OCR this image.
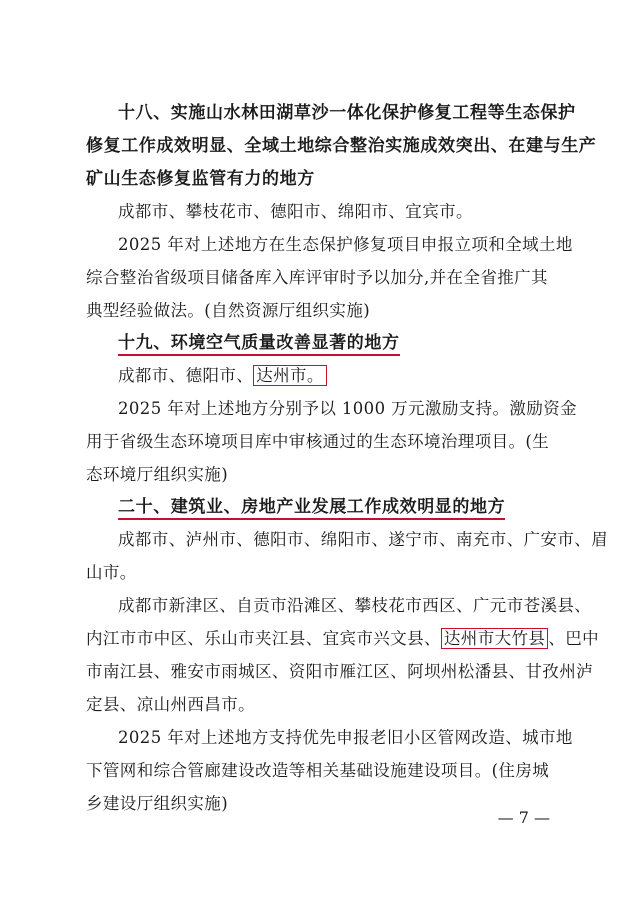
十八、实施山水林田湖草沙一体化保护修复工程等生态保护
修复工作成效明显、全域土地综合整治实施成效突出、在建与生产
矿山生态修复监管有力的地方
成都市、攀枝花市、德阳市、绵阳市、宜宾市。
2025 年对上述地方在生态保护修复项目申报立项和全域土地
综合整治省级项目储备库入库评审时予以加分,并在全省推广其
典型经验做法。(自然资源厅组织实施)
十九、环境空气质量改善显著的地方
成都市、德阳市、 达州市。
2025 年对上述地方分别予以 1000 万元激励支持。激励资金
用于省级生态环境项目库中审核通过的生态环境治理项目。(生
态环境厅组织实施)
二十、建筑业、房地产业发展工作成效明显的地方
成都市、泸州市、德阳市、绵阳市、遂宁市、南充市、广安市、眉
山市。
成都市新津区、自贡市沿滩区、攀枝花市西区、广元市苍溪县、
内江市市中区、乐山市夹江县、宜宾市兴文县、 达州市大竹县 、巴中
市南江县、雅安市雨城区、资阳市雁江区、阿坝州松潘县、甘孜州泸
定县、凉山州西昌市。
2025 年对上述地方支持优先申报老旧小区管网改造、城市地
下管网和综合管廊建设改造等相关基础设施建设项目。(住房城
乡建设厅组织实施)
— 7 —
